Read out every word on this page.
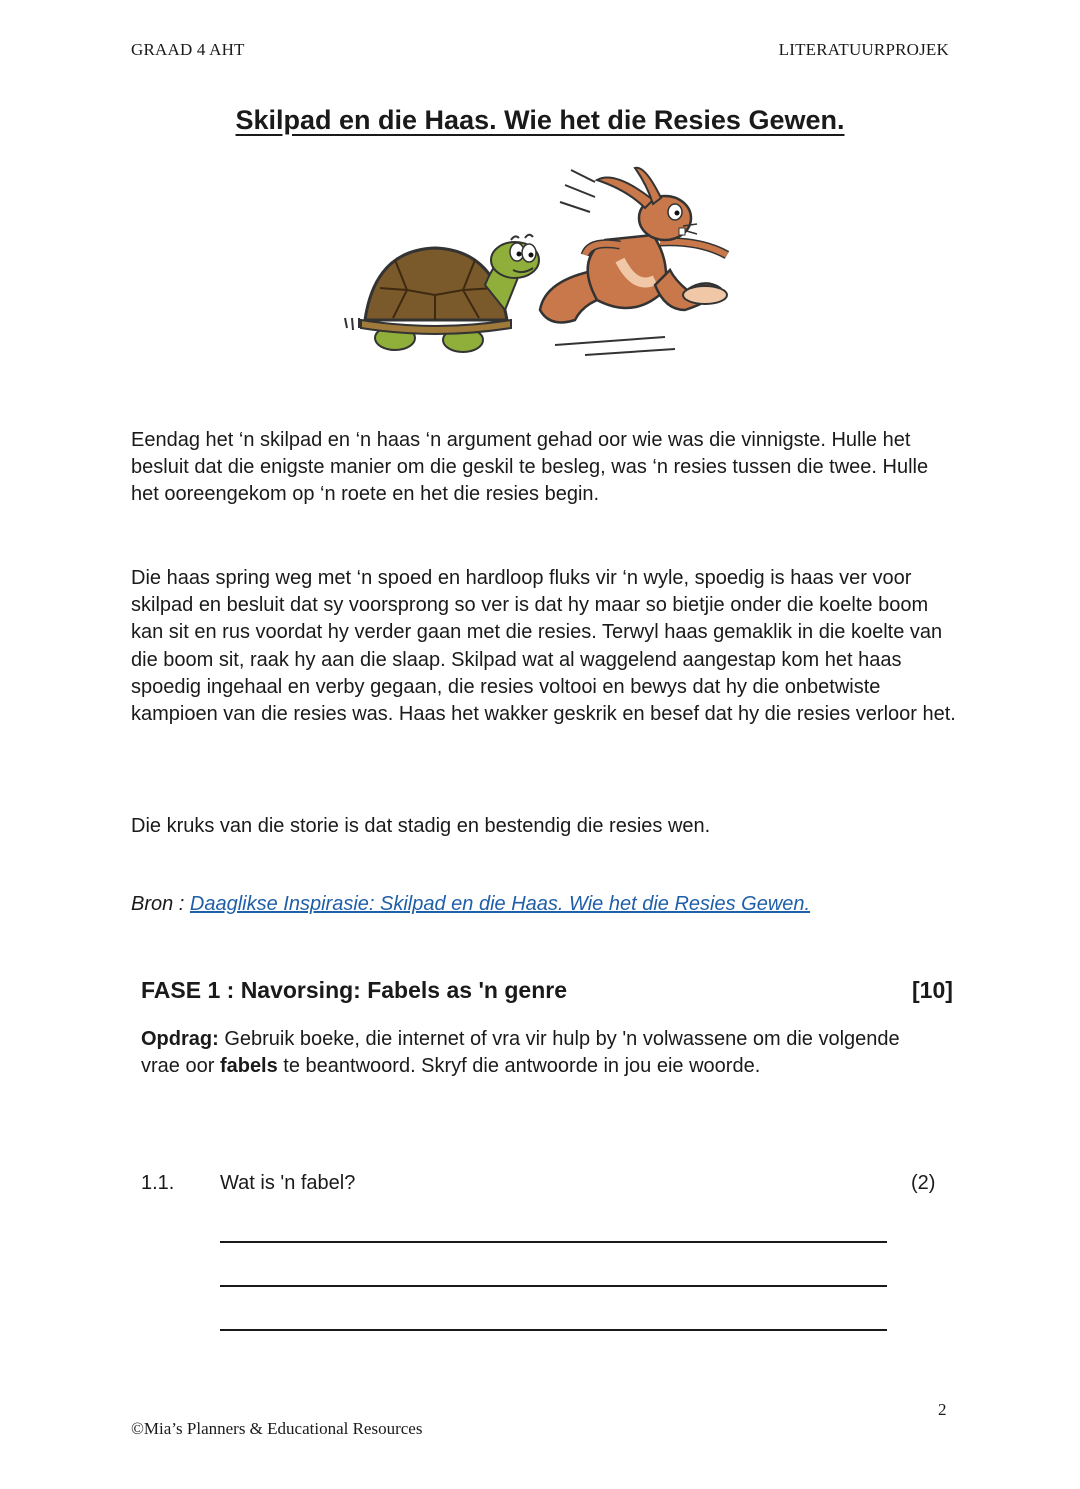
GRAAD 4 AHT	LITERATUURPROJEK
Skilpad en die Haas. Wie het die Resies Gewen.
Eendag het ‘n skilpad en ‘n haas ‘n argument gehad oor wie was die vinnigste. Hulle het besluit dat die enigste manier om die geskil te besleg, was ‘n resies tussen die twee. Hulle het ooreengekom op ‘n roete en het die resies begin.
Die haas spring weg met ‘n spoed en hardloop fluks vir ‘n wyle, spoedig is haas ver voor skilpad en besluit dat sy voorsprong so ver is dat hy maar so bietjie onder die koelte boom kan sit en rus voordat hy verder gaan met die resies. Terwyl haas gemaklik in die koelte van die boom sit, raak hy aan die slaap. Skilpad wat al waggelend aangestap kom het haas spoedig ingehaal en verby gegaan, die resies voltooi en bewys dat hy die onbetwiste kampioen van die resies was. Haas het wakker geskrik en besef dat hy die resies verloor het.
Die kruks van die storie is dat stadig en bestendig die resies wen.
Bron : Daaglikse Inspirasie: Skilpad en die Haas. Wie het die Resies Gewen.
FASE 1 : Navorsing: Fabels as 'n genre	[10]
Opdrag: Gebruik boeke, die internet of vra vir hulp by 'n volwassene om die volgende vrae oor fabels te beantwoord. Skryf die antwoorde in jou eie woorde.
1.1. Wat is 'n fabel?	(2)
2
©Mia’s Planners & Educational Resources
